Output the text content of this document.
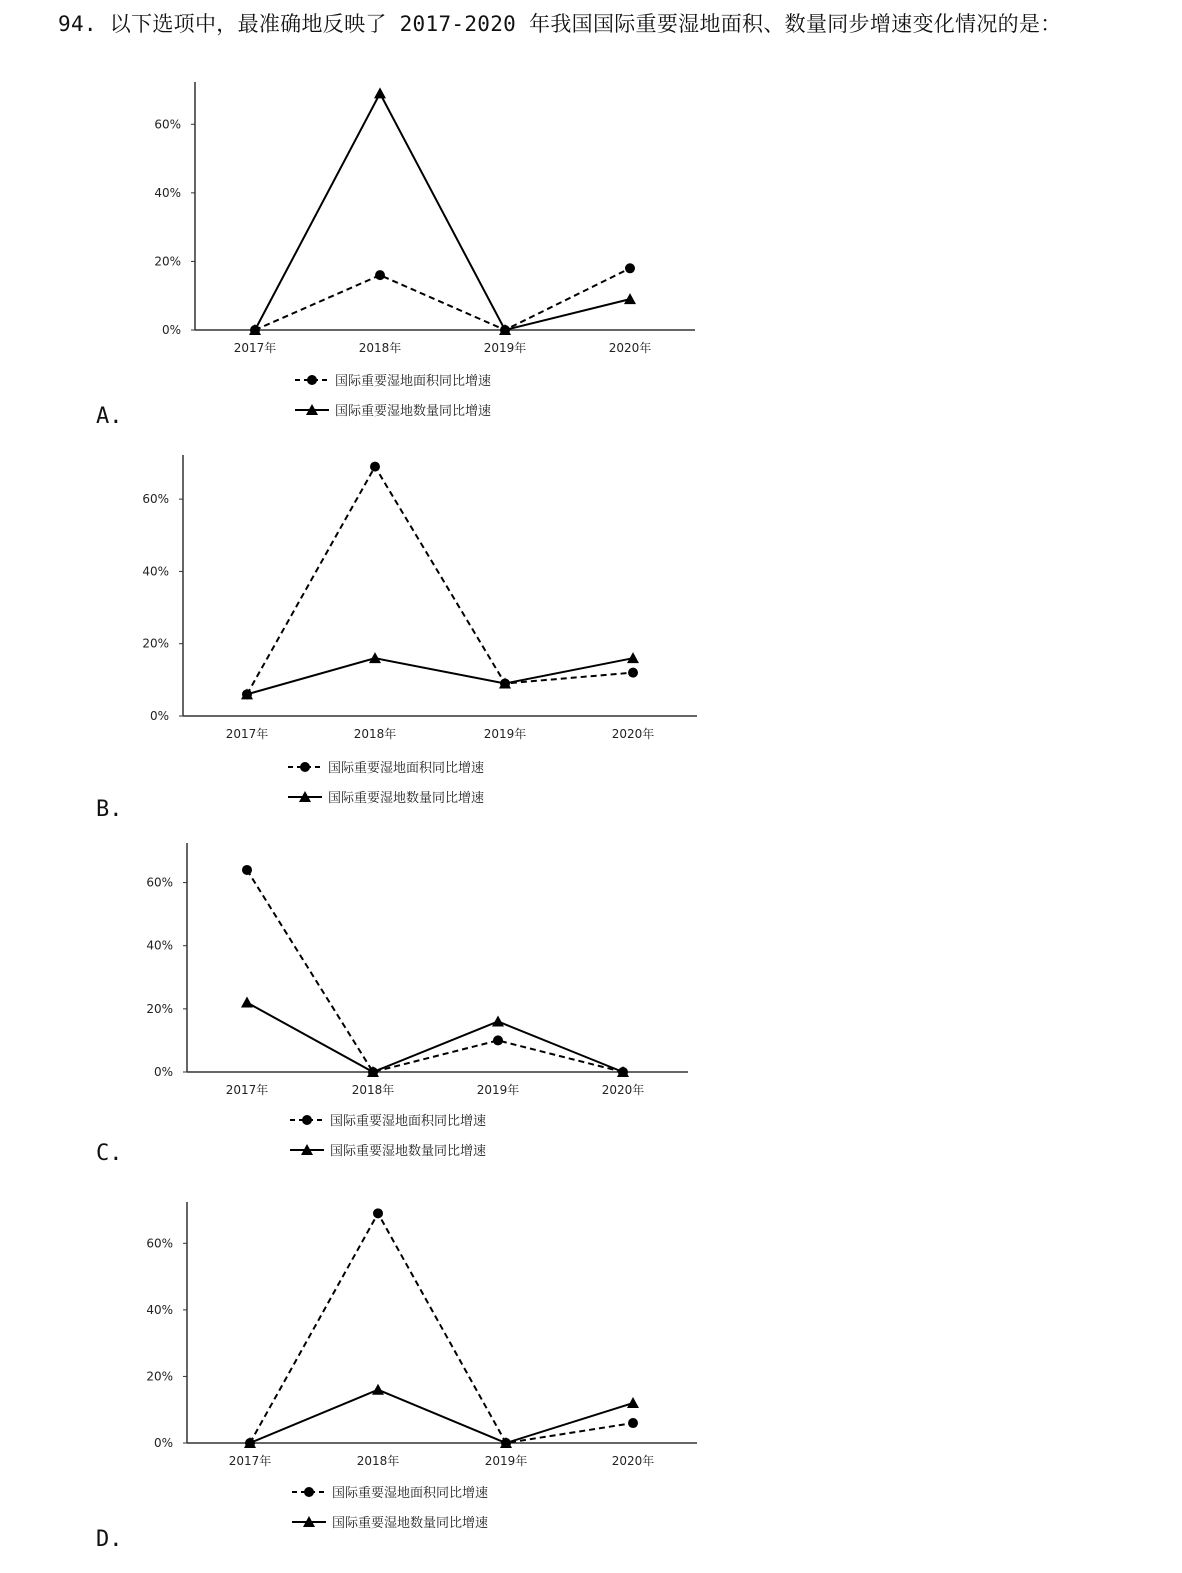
94. 以下选项中，最准确地反映了 2017-2020 年我国国际重要湿地面积、数量同步增速变化情况的是：
0%
20%
40%
60%
2017年	2018年	2019年	2020年
国际重要湿地面积同比增速
国际重要湿地数量同比增速
A.
0%
20%
40%
60%
2017年	2018年	2019年	2020年
国际重要湿地面积同比增速
国际重要湿地数量同比增速
B.
0%
20%
40%
60%
2017年	2018年	2019年	2020年
国际重要湿地面积同比增速
国际重要湿地数量同比增速
C.
0%
20%
40%
60%
2017年	2018年	2019年	2020年
国际重要湿地面积同比增速
国际重要湿地数量同比增速
D.
